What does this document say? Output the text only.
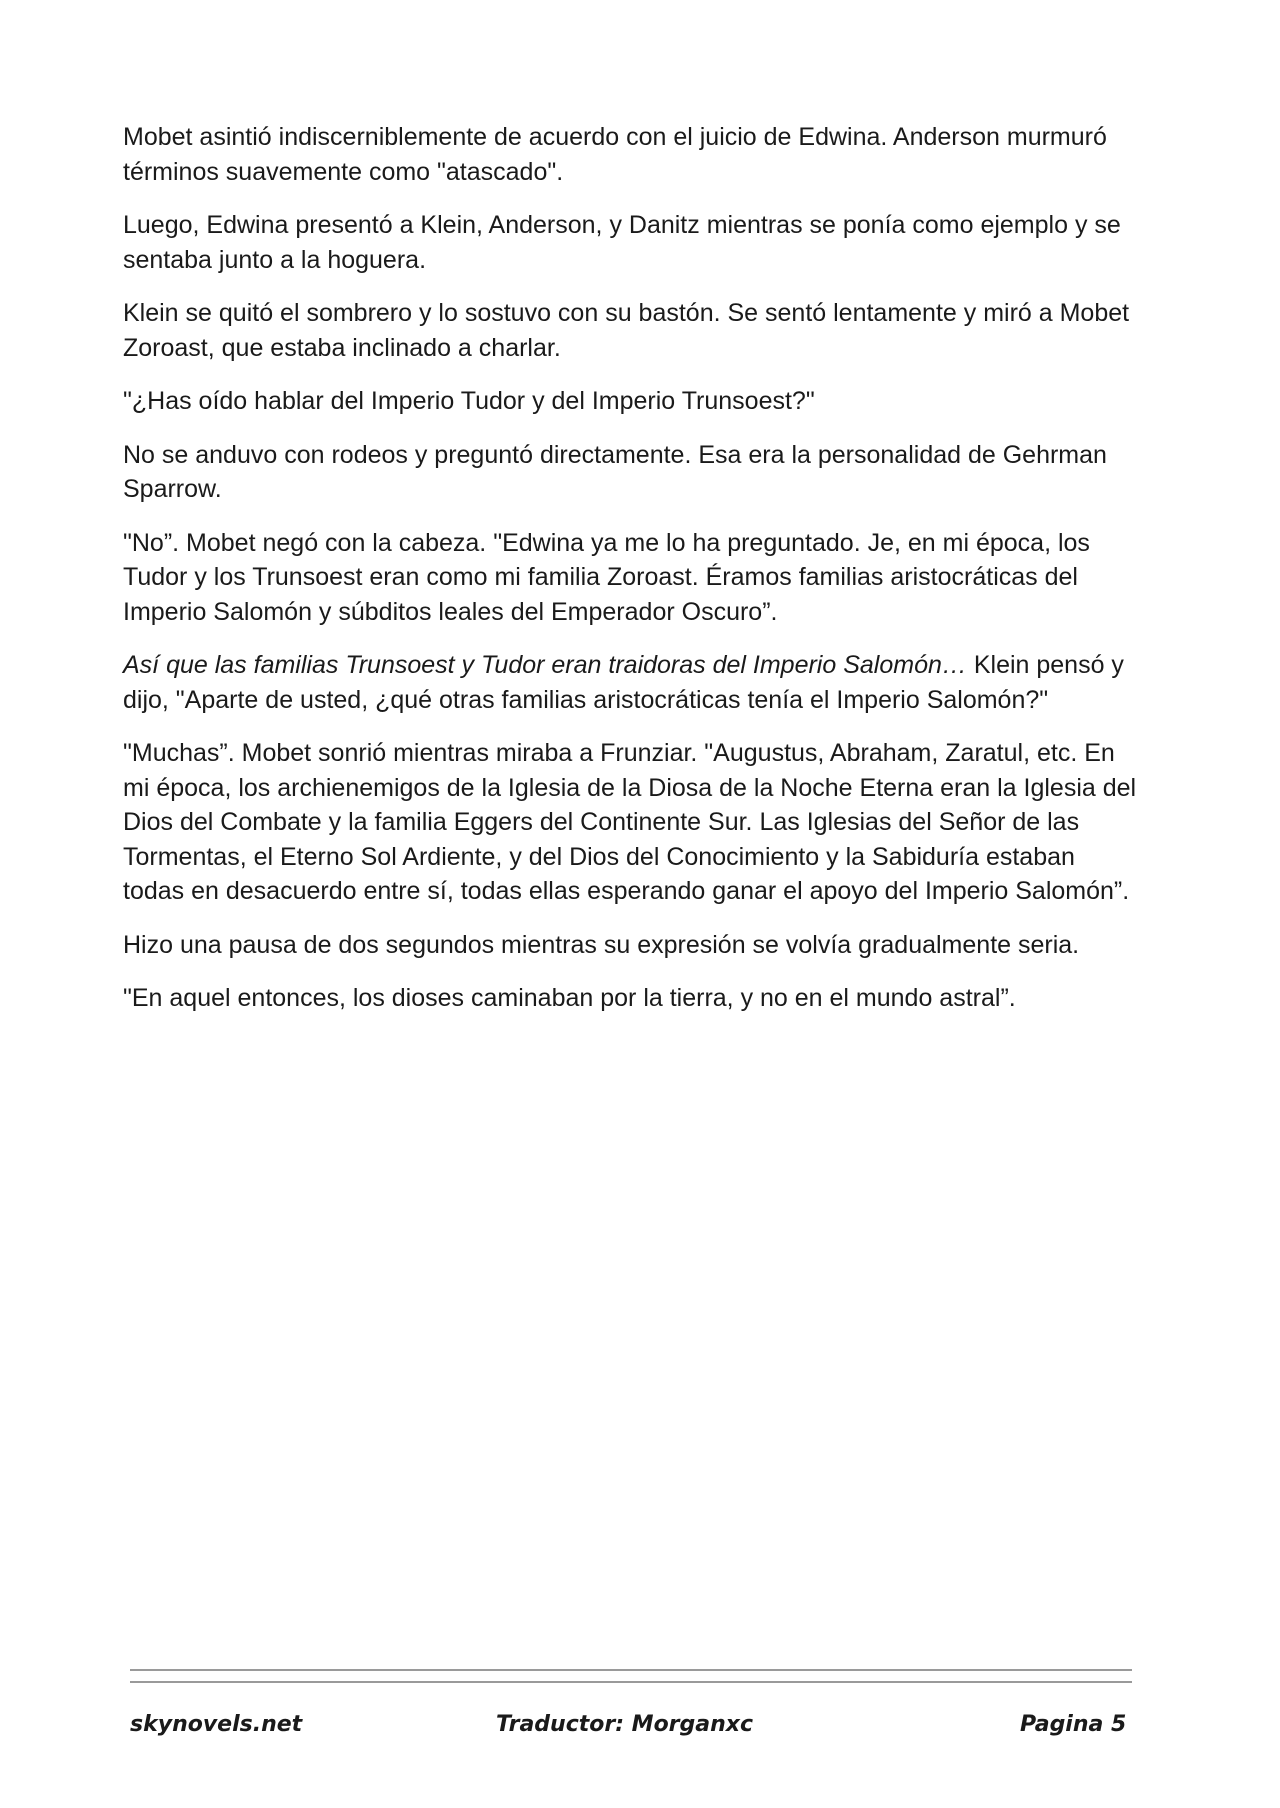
Mobet asintió indiscerniblemente de acuerdo con el juicio de Edwina. Anderson murmuró términos suavemente como "atascado".

Luego, Edwina presentó a Klein, Anderson, y Danitz mientras se ponía como ejemplo y se sentaba junto a la hoguera.

Klein se quitó el sombrero y lo sostuvo con su bastón. Se sentó lentamente y miró a Mobet Zoroast, que estaba inclinado a charlar.

"¿Has oído hablar del Imperio Tudor y del Imperio Trunsoest?"

No se anduvo con rodeos y preguntó directamente. Esa era la personalidad de Gehrman Sparrow.

"No”. Mobet negó con la cabeza. "Edwina ya me lo ha preguntado. Je, en mi época, los Tudor y los Trunsoest eran como mi familia Zoroast. Éramos familias aristocráticas del Imperio Salomón y súbditos leales del Emperador Oscuro”.

Así que las familias Trunsoest y Tudor eran traidoras del Imperio Salomón… Klein pensó y dijo, "Aparte de usted, ¿qué otras familias aristocráticas tenía el Imperio Salomón?"

"Muchas”. Mobet sonrió mientras miraba a Frunziar. "Augustus, Abraham, Zaratul, etc. En mi época, los archienemigos de la Iglesia de la Diosa de la Noche Eterna eran la Iglesia del Dios del Combate y la familia Eggers del Continente Sur. Las Iglesias del Señor de las Tormentas, el Eterno Sol Ardiente, y del Dios del Conocimiento y la Sabiduría estaban todas en desacuerdo entre sí, todas ellas esperando ganar el apoyo del Imperio Salomón”.

Hizo una pausa de dos segundos mientras su expresión se volvía gradualmente seria.

"En aquel entonces, los dioses caminaban por la tierra, y no en el mundo astral”.

skynovels.net	Traductor: Morganxc	Pagina 5
